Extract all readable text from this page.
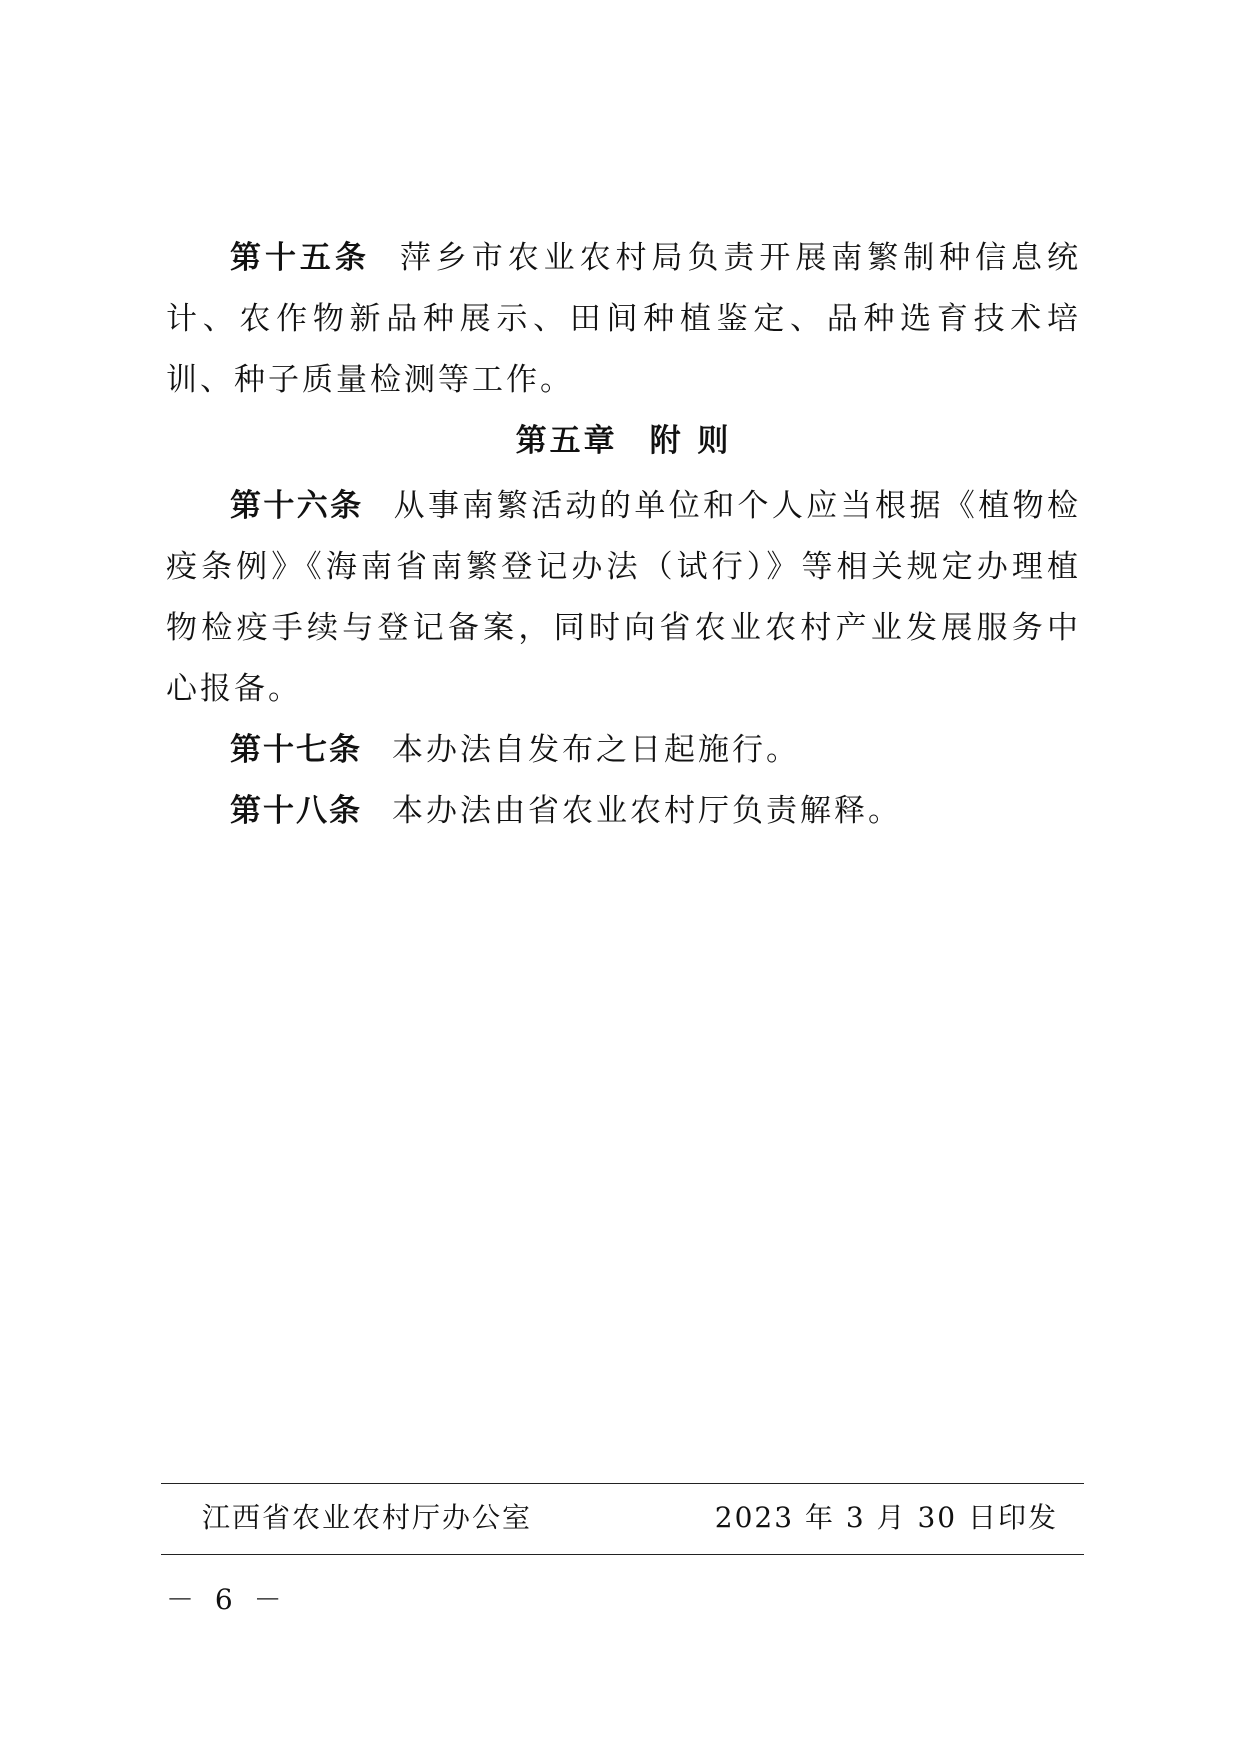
第十五条 萍乡市农业农村局负责开展南繁制种信息统计、农作物新品种展示、田间种植鉴定、品种选育技术培训、种子质量检测等工作。

第五章 附 则

第十六条 从事南繁活动的单位和个人应当根据《植物检疫条例》《海南省南繁登记办法（试行）》等相关规定办理植物检疫手续与登记备案，同时向省农业农村产业发展服务中心报备。

第十七条 本办法自发布之日起施行。

第十八条 本办法由省农业农村厅负责解释。

江西省农业农村厅办公室	2023 年 3 月 30 日印发
－ 6 －
